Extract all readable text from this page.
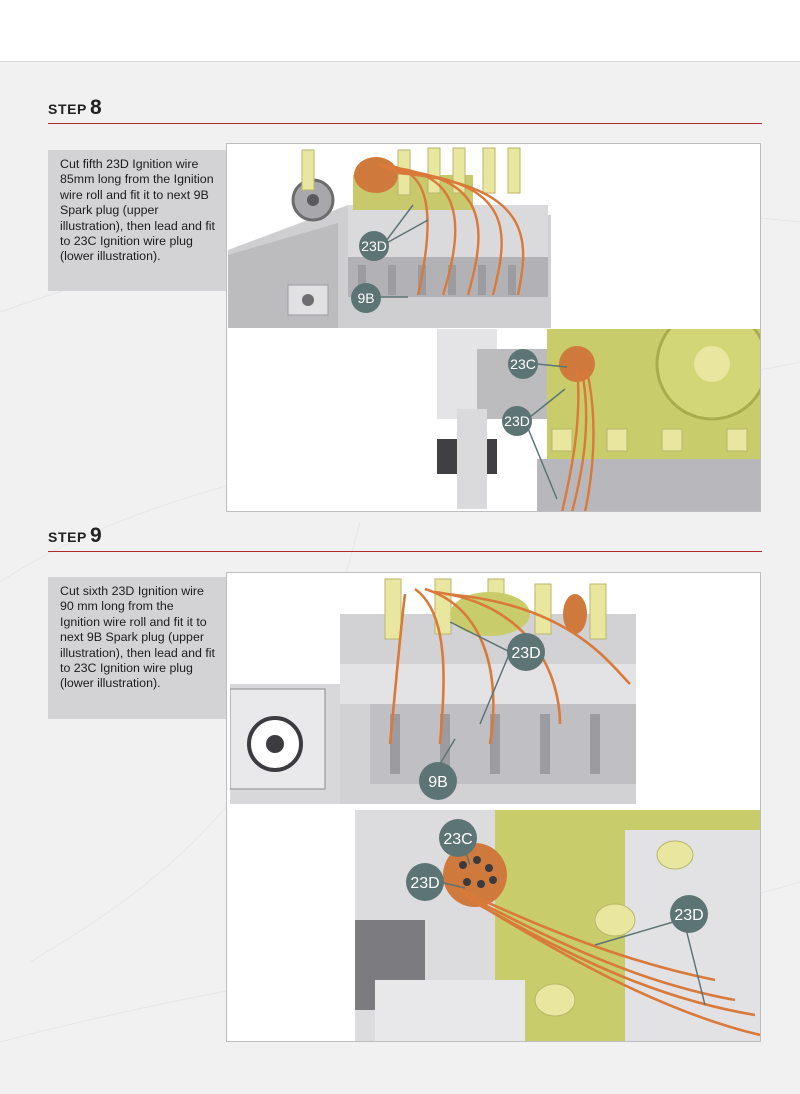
STEP 8
Cut fifth 23D Ignition wire 85mm long from the Ignition wire roll and fit it to next 9B Spark plug (upper illustration), then lead and fit to 23C Ignition wire plug (lower illustration).
23D
9B
23C
23D
STEP 9
Cut sixth 23D Ignition wire 90 mm long from the Ignition wire roll and fit it to next 9B Spark plug (upper illustration), then lead and fit to 23C Ignition wire plug (lower illustration).
23D
9B
23C
23D
23D
